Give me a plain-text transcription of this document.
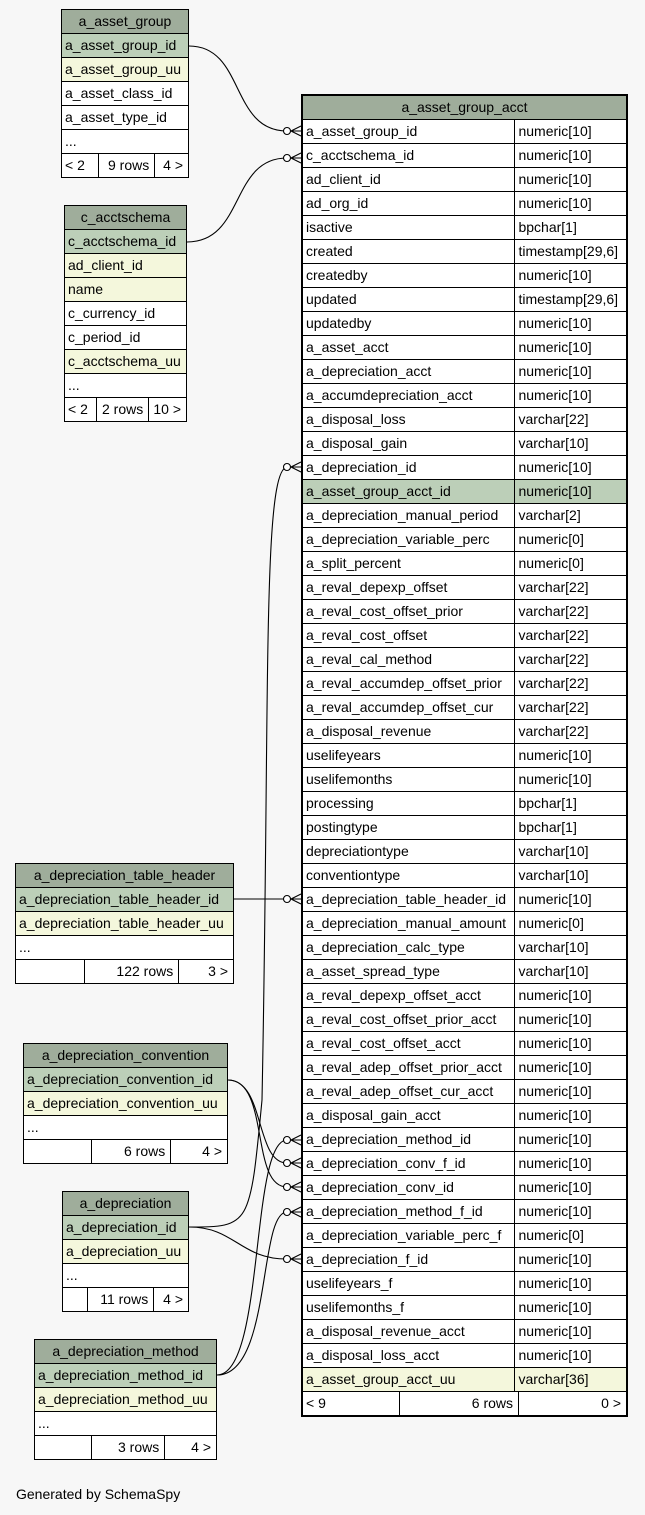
a_asset_group_acct
a_asset_group_id	numeric[10]
c_acctschema_id	numeric[10]
ad_client_id	numeric[10]
ad_org_id	numeric[10]
isactive	bpchar[1]
created	timestamp[29,6]
createdby	numeric[10]
updated	timestamp[29,6]
updatedby	numeric[10]
a_asset_acct	numeric[10]
a_depreciation_acct	numeric[10]
a_accumdepreciation_acct	numeric[10]
a_disposal_loss	varchar[22]
a_disposal_gain	varchar[10]
a_depreciation_id	numeric[10]
a_asset_group_acct_id	numeric[10]
a_depreciation_manual_period	varchar[2]
a_depreciation_variable_perc	numeric[0]
a_split_percent	numeric[0]
a_reval_depexp_offset	varchar[22]
a_reval_cost_offset_prior	varchar[22]
a_reval_cost_offset	varchar[22]
a_reval_cal_method	varchar[22]
a_reval_accumdep_offset_prior	varchar[22]
a_reval_accumdep_offset_cur	varchar[22]
a_disposal_revenue	varchar[22]
uselifeyears	numeric[10]
uselifemonths	numeric[10]
processing	bpchar[1]
postingtype	bpchar[1]
depreciationtype	varchar[10]
conventiontype	varchar[10]
a_depreciation_table_header_id	numeric[10]
a_depreciation_manual_amount	numeric[0]
a_depreciation_calc_type	varchar[10]
a_asset_spread_type	varchar[10]
a_reval_depexp_offset_acct	numeric[10]
a_reval_cost_offset_prior_acct	numeric[10]
a_reval_cost_offset_acct	numeric[10]
a_reval_adep_offset_prior_acct	numeric[10]
a_reval_adep_offset_cur_acct	numeric[10]
a_disposal_gain_acct	numeric[10]
a_depreciation_method_id	numeric[10]
a_depreciation_conv_f_id	numeric[10]
a_depreciation_conv_id	numeric[10]
a_depreciation_method_f_id	numeric[10]
a_depreciation_variable_perc_f	numeric[0]
a_depreciation_f_id	numeric[10]
uselifeyears_f	numeric[10]
uselifemonths_f	numeric[10]
a_disposal_revenue_acct	numeric[10]
a_disposal_loss_acct	numeric[10]
a_asset_group_acct_uu	varchar[36]

< 9	6 rows	0 >
a_asset_group
a_asset_group_id
a_asset_group_uu
a_asset_class_id
a_asset_type_id
...
< 2	9 rows	4 >
c_acctschema
c_acctschema_id
ad_client_id
name
c_currency_id
c_period_id
c_acctschema_uu
...
< 2	2 rows	10 >
a_depreciation_table_header
a_depreciation_table_header_id
a_depreciation_table_header_uu
...
	122 rows	3 >
a_depreciation_convention
a_depreciation_convention_id
a_depreciation_convention_uu
...
	6 rows	4 >
a_depreciation
a_depreciation_id
a_depreciation_uu
...
	11 rows	4 >
a_depreciation_method
a_depreciation_method_id
a_depreciation_method_uu
...
	3 rows	4 >
Generated by SchemaSpy
